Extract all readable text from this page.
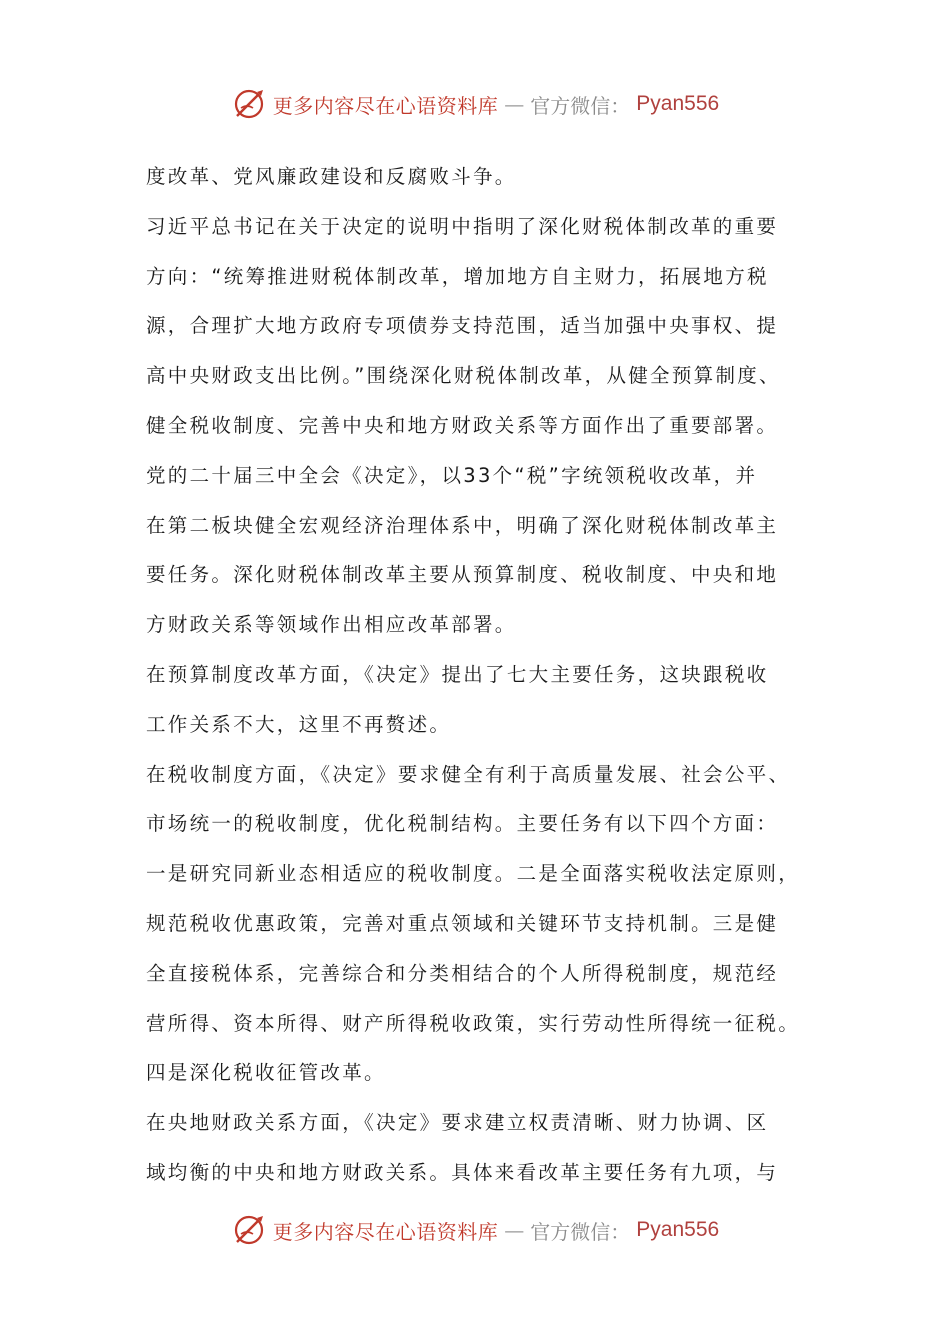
更多内容尽在心语资料库 — 官方微信： Pyan556
度改革、党风廉政建设和反腐败斗争。
习近平总书记在关于决定的说明中指明了深化财税体制改革的重要
方向：“统筹推进财税体制改革，增加地方自主财力，拓展地方税
源，合理扩大地方政府专项债券支持范围，适当加强中央事权、提
高中央财政支出比例。”围绕深化财税体制改革，从健全预算制度、
健全税收制度、完善中央和地方财政关系等方面作出了重要部署。
党的二十届三中全会《决定》，以33个“税”字统领税收改革，并
在第二板块健全宏观经济治理体系中，明确了深化财税体制改革主
要任务。深化财税体制改革主要从预算制度、税收制度、中央和地
方财政关系等领域作出相应改革部署。
在预算制度改革方面，《决定》提出了七大主要任务，这块跟税收
工作关系不大，这里不再赘述。
在税收制度方面，《决定》要求健全有利于高质量发展、社会公平、
市场统一的税收制度，优化税制结构。主要任务有以下四个方面：
一是研究同新业态相适应的税收制度。二是全面落实税收法定原则，
规范税收优惠政策，完善对重点领域和关键环节支持机制。三是健
全直接税体系，完善综合和分类相结合的个人所得税制度，规范经
营所得、资本所得、财产所得税收政策，实行劳动性所得统一征税。
四是深化税收征管改革。
在央地财政关系方面，《决定》要求建立权责清晰、财力协调、区
域均衡的中央和地方财政关系。具体来看改革主要任务有九项，与
更多内容尽在心语资料库 — 官方微信： Pyan556
